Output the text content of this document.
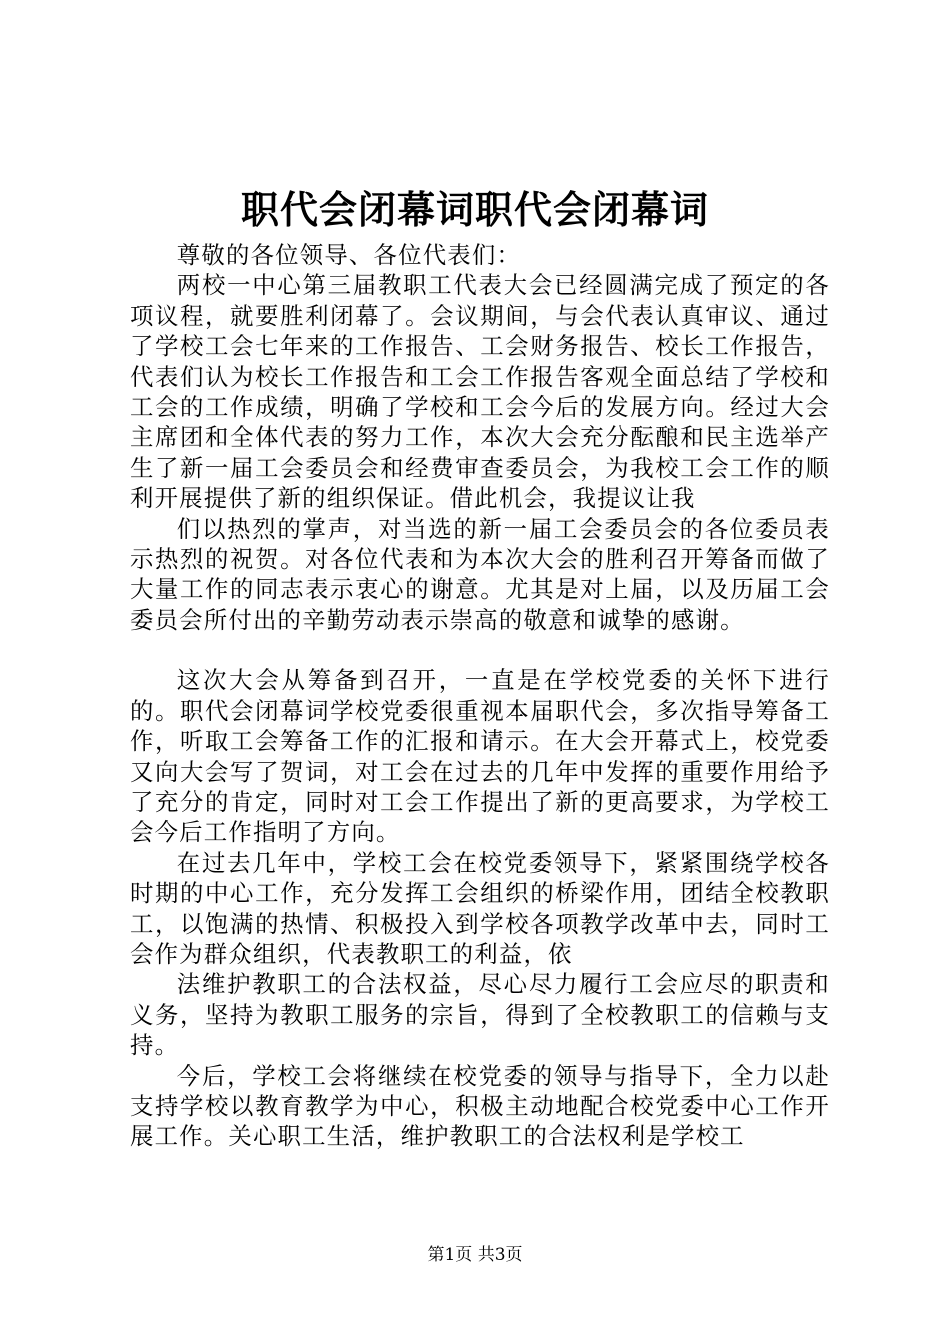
职代会闭幕词职代会闭幕词

尊敬的各位领导、各位代表们：

两校一中心第三届教职工代表大会已经圆满完成了预定的各项议程，就要胜利闭幕了。会议期间，与会代表认真审议、通过了学校工会七年来的工作报告、工会财务报告、校长工作报告，代表们认为校长工作报告和工会工作报告客观全面总结了学校和工会的工作成绩，明确了学校和工会今后的发展方向。经过大会主席团和全体代表的努力工作，本次大会充分酝酿和民主选举产生了新一届工会委员会和经费审查委员会，为我校工会工作的顺利开展提供了新的组织保证。借此机会，我提议让我

们以热烈的掌声，对当选的新一届工会委员会的各位委员表示热烈的祝贺。对各位代表和为本次大会的胜利召开筹备而做了大量工作的同志表示衷心的谢意。尤其是对上届，以及历届工会委员会所付出的辛勤劳动表示崇高的敬意和诚挚的感谢。

这次大会从筹备到召开，一直是在学校党委的关怀下进行的。职代会闭幕词学校党委很重视本届职代会，多次指导筹备工作，听取工会筹备工作的汇报和请示。在大会开幕式上，校党委又向大会写了贺词，对工会在过去的几年中发挥的重要作用给予了充分的肯定，同时对工会工作提出了新的更高要求，为学校工会今后工作指明了方向。

在过去几年中，学校工会在校党委领导下，紧紧围绕学校各时期的中心工作，充分发挥工会组织的桥梁作用，团结全校教职工，以饱满的热情、积极投入到学校各项教学改革中去，同时工会作为群众组织，代表教职工的利益，依

法维护教职工的合法权益，尽心尽力履行工会应尽的职责和义务，坚持为教职工服务的宗旨，得到了全校教职工的信赖与支持。

今后，学校工会将继续在校党委的领导与指导下，全力以赴支持学校以教育教学为中心，积极主动地配合校党委中心工作开展工作。关心职工生活，维护教职工的合法权利是学校工

第1页 共3页
